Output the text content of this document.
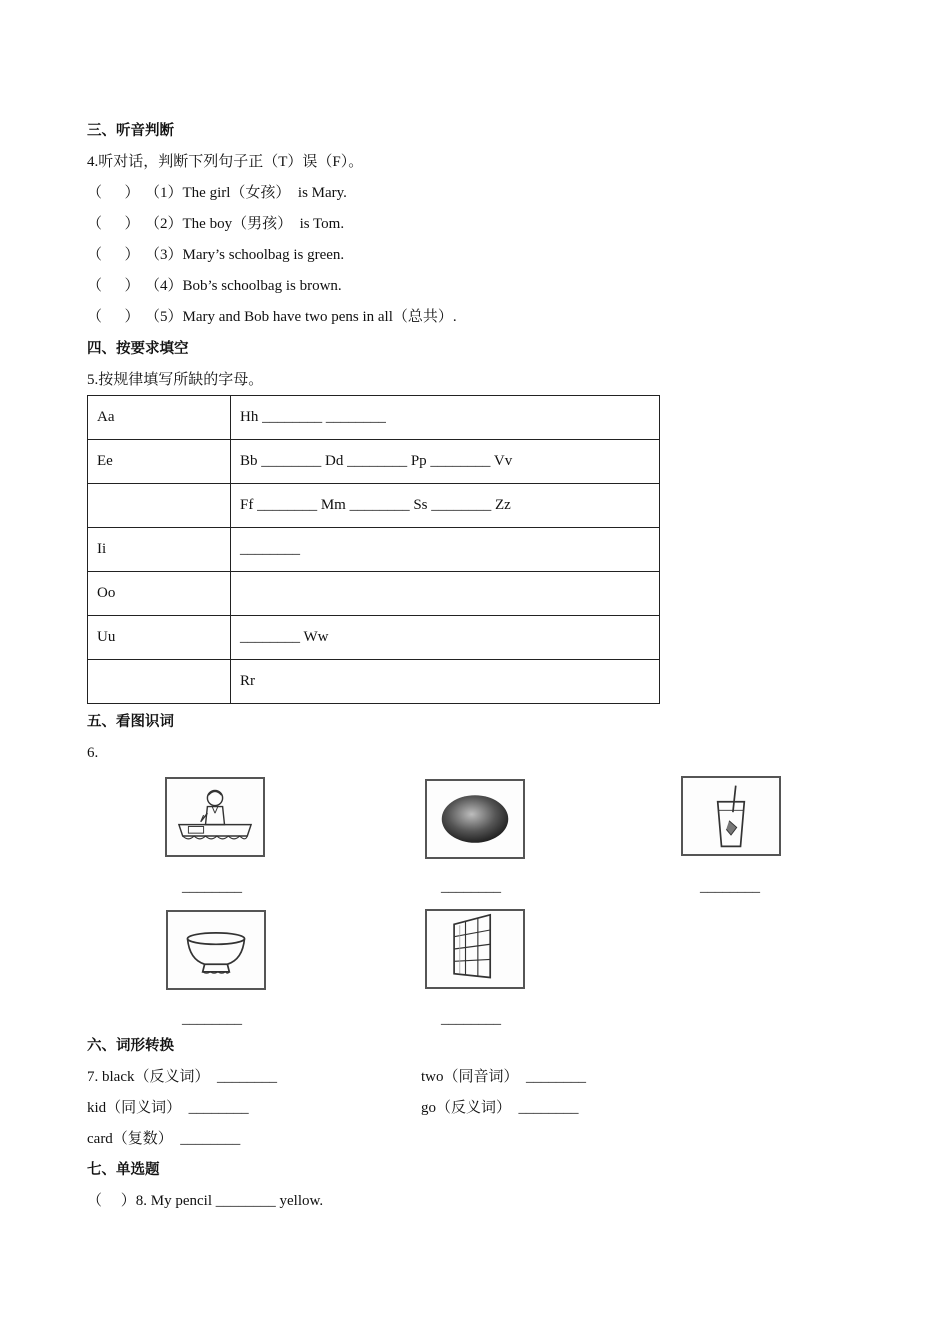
三、听音判断
4.听对话，判断下列句子正（T）误（F）。
（ ） （1）The girl（女孩）  is Mary.
（ ） （2）The boy（男孩）  is Tom.
（ ） （3）Mary’s schoolbag is green.
（ ） （4）Bob’s schoolbag is brown.
（ ） （5）Mary and Bob have two pens in all（总共）.
四、按要求填空
5.按规律填写所缺的字母。
Aa	Hh ________ ________
Ee	Bb ________ Dd ________ Pp ________ Vv
	Ff ________ Mm ________ Ss ________ Zz
Ii	________
Oo	
Uu	________ Ww
	Rr
五、看图识词
6.
________	________	________
________	________
六、词形转换
7. black（反义词）  ________	two（同音词）  ________
kid（同义词）  ________	go（反义词）  ________
card（复数）  ________
七、单选题
（     ）8. My pencil ________ yellow.
